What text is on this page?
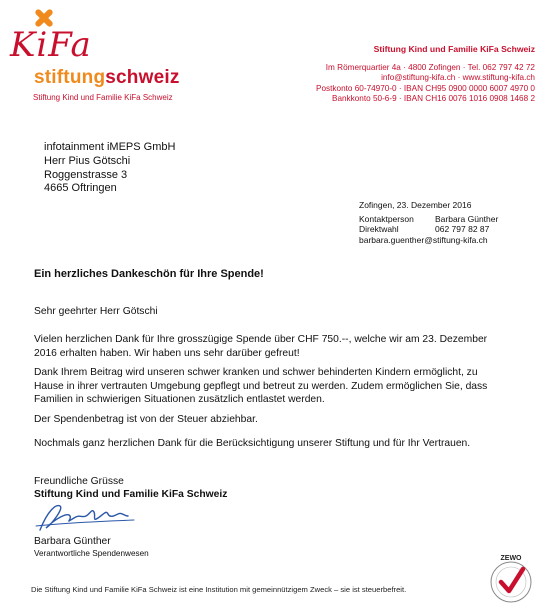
KiFa
stiftungschweiz
Stiftung Kind und Familie KiFa Schweiz
Stiftung Kind und Familie KiFa Schweiz
Im Römerquartier 4a · 4800 Zofingen · Tel. 062 797 42 72
info@stiftung-kifa.ch · www.stiftung-kifa.ch
Postkonto 60-74970-0 · IBAN CH95 0900 0000 6007 4970 0
Bankkonto 50-6-9 · IBAN CH16 0076 1016 0908 1468 2
infotainment iMEPS GmbH
Herr Pius Götschi
Roggenstrasse 3
4665 Oftringen
Zofingen, 23. Dezember 2016
Kontaktperson	Barbara Günther
Direktwahl	062 797 82 87
barbara.guenther@stiftung-kifa.ch
Ein herzliches Dankeschön für Ihre Spende!

Sehr geehrter Herr Götschi

Vielen herzlichen Dank für Ihre grosszügige Spende über CHF 750.--, welche wir am 23. Dezember 2016 erhalten haben. Wir haben uns sehr darüber gefreut!

Dank Ihrem Beitrag wird unseren schwer kranken und schwer behinderten Kindern ermöglicht, zu Hause in ihrer vertrauten Umgebung gepflegt und betreut zu werden. Zudem ermöglichen Sie, dass Familien in schwierigen Situationen zusätzlich entlastet werden.

Der Spendenbetrag ist von der Steuer abziehbar.

Nochmals ganz herzlichen Dank für die Berücksichtigung unserer Stiftung und für Ihr Vertrauen.

Freundliche Grüsse
Stiftung Kind und Familie KiFa Schweiz
Barbara Günther
Verantwortliche Spendenwesen
Die Stiftung Kind und Familie KiFa Schweiz ist eine Institution mit gemeinnützigem Zweck – sie ist steuerbefreit.
ZEWO
